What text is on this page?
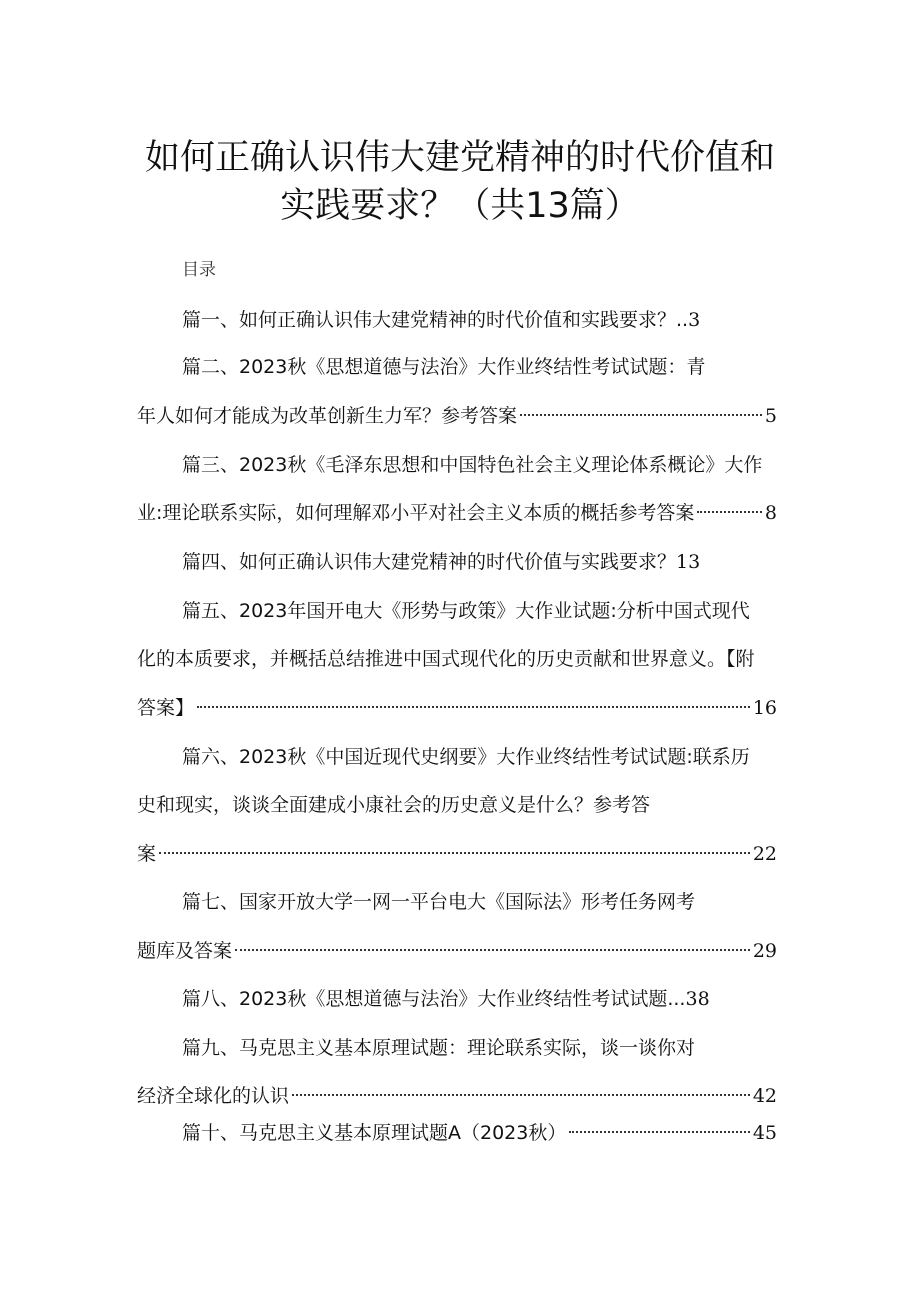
如何正确认识伟大建党精神的时代价值和
实践要求？（共13篇）
目录
篇一、如何正确认识伟大建党精神的时代价值和实践要求？.. 3
篇二、2023秋《思想道德与法治》大作业终结性考试试题：青
年人如何才能成为改革创新生力军？参考答案	5
篇三、2023秋《毛泽东思想和中国特色社会主义理论体系概论》大作
业:理论联系实际，如何理解邓小平对社会主义本质的概括参考答案	8
篇四、如何正确认识伟大建党精神的时代价值与实践要求？ 13
篇五、2023年国开电大《形势与政策》大作业试题:分析中国式现代
化的本质要求，并概括总结推进中国式现代化的历史贡献和世界意义。【附
答案】	16
篇六、2023秋《中国近现代史纲要》大作业终结性考试试题:联系历
史和现实，谈谈全面建成小康社会的历史意义是什么？参考答
案	22
篇七、国家开放大学一网一平台电大《国际法》形考任务网考
题库及答案	29
篇八、2023秋《思想道德与法治》大作业终结性考试试题... 38
篇九、马克思主义基本原理试题：理论联系实际，谈一谈你对
经济全球化的认识	42
篇十、马克思主义基本原理试题A（2023秋）	45
